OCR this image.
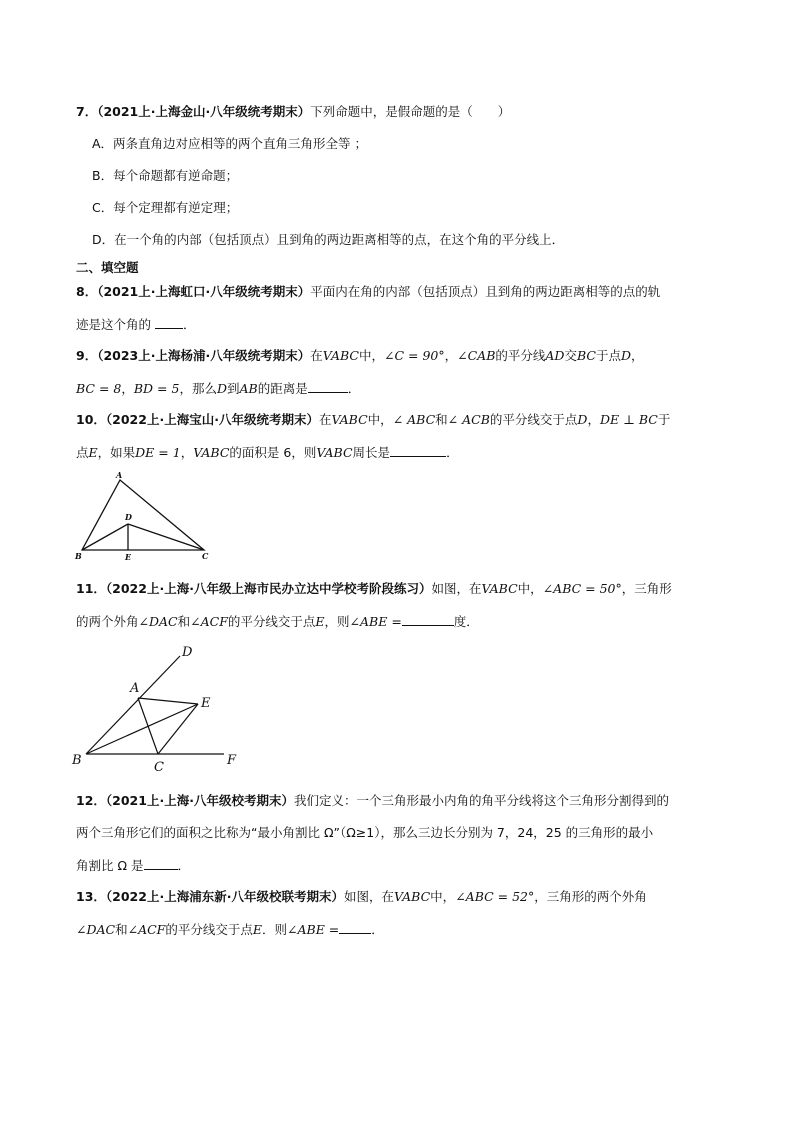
7．（2021上·上海金山·八年级统考期末）下列命题中，是假命题的是（　　）
A．两条直角边对应相等的两个直角三角形全等 ；
B．每个命题都有逆命题；
C．每个定理都有逆定理；
D．在一个角的内部（包括顶点）且到角的两边距离相等的点，在这个角的平分线上．
二、填空题
8．（2021上·上海虹口·八年级统考期末）平面内在角的内部（包括顶点）且到角的两边距离相等的点的轨
迹是这个角的	．
9．（2023上·上海杨浦·八年级统考期末）在VABC中，∠C = 90°，∠CAB的平分线AD交BC于点D，
BC = 8，BD = 5，那么D到AB的距离是	．
10．（2022上·上海宝山·八年级统考期末）在VABC中，∠ ABC和∠ ACB的平分线交于点D，DE ⊥ BC于
点E，如果DE = 1，VABC的面积是 6，则VABC周长是	．
A
B	C
D
E
11．（2022上·上海·八年级上海市民办立达中学校考阶段练习）如图，在VABC中，∠ABC = 50°，三角形
的两个外角∠DAC和∠ACF的平分线交于点E，则∠ABE =	度．
A
B	C
D
E
F
12．（2021上·上海·八年级校考期末）我们定义：一个三角形最小内角的角平分线将这个三角形分割得到的
两个三角形它们的面积之比称为“最小角割比 Ω”（Ω≥1），那么三边长分别为 7，24，25 的三角形的最小
角割比 Ω 是	．
13．（2022上·上海浦东新·八年级校联考期末）如图，在VABC中，∠ABC = 52°，三角形的两个外角
∠DAC和∠ACF的平分线交于点E．则∠ABE =	．
